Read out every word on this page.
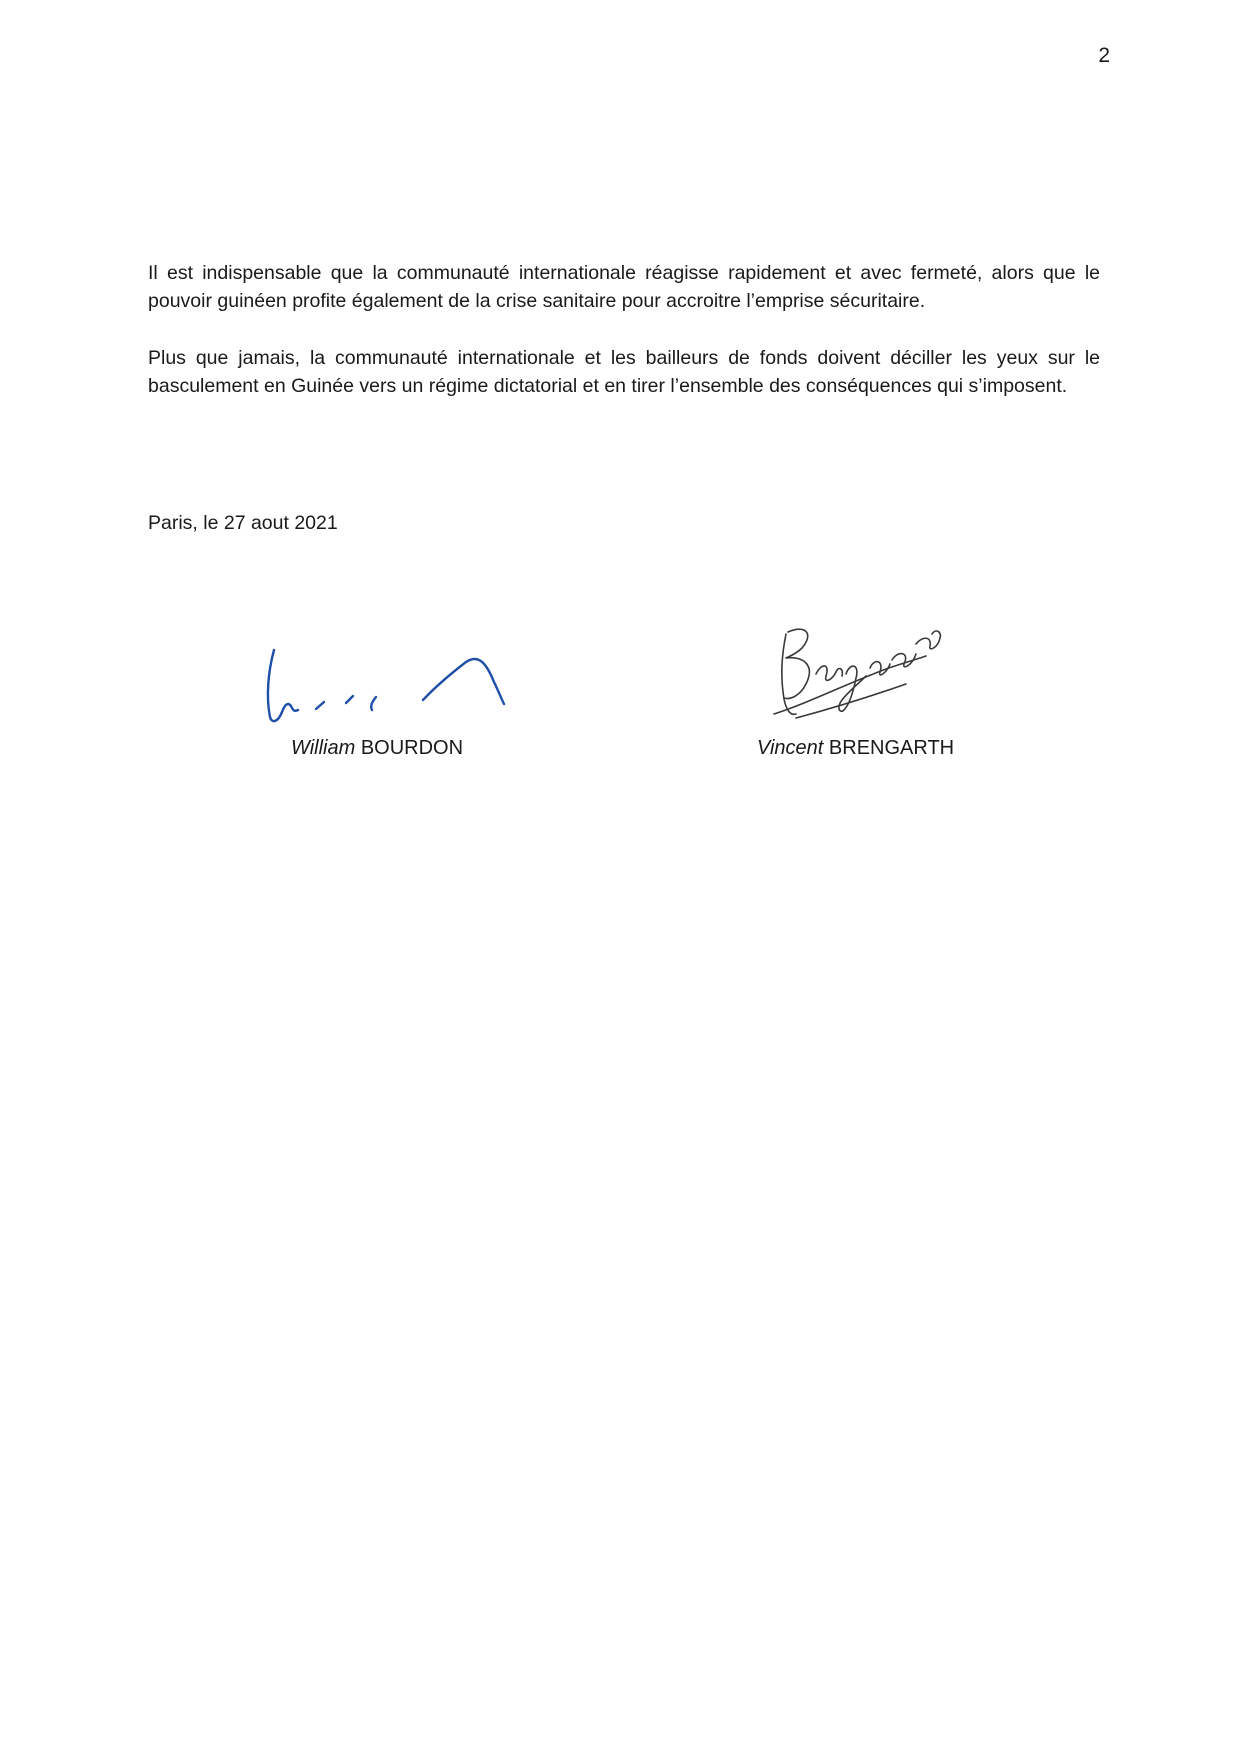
2

Il est indispensable que la communauté internationale réagisse rapidement et avec fermeté, alors que le pouvoir guinéen profite également de la crise sanitaire pour accroitre l’emprise sécuritaire.

Plus que jamais, la communauté internationale et les bailleurs de fonds doivent déciller les yeux sur le basculement en Guinée vers un régime dictatorial et en tirer l’ensemble des conséquences qui s’imposent.

Paris, le 27 aout 2021
William BOURDON	Vincent BRENGARTH
